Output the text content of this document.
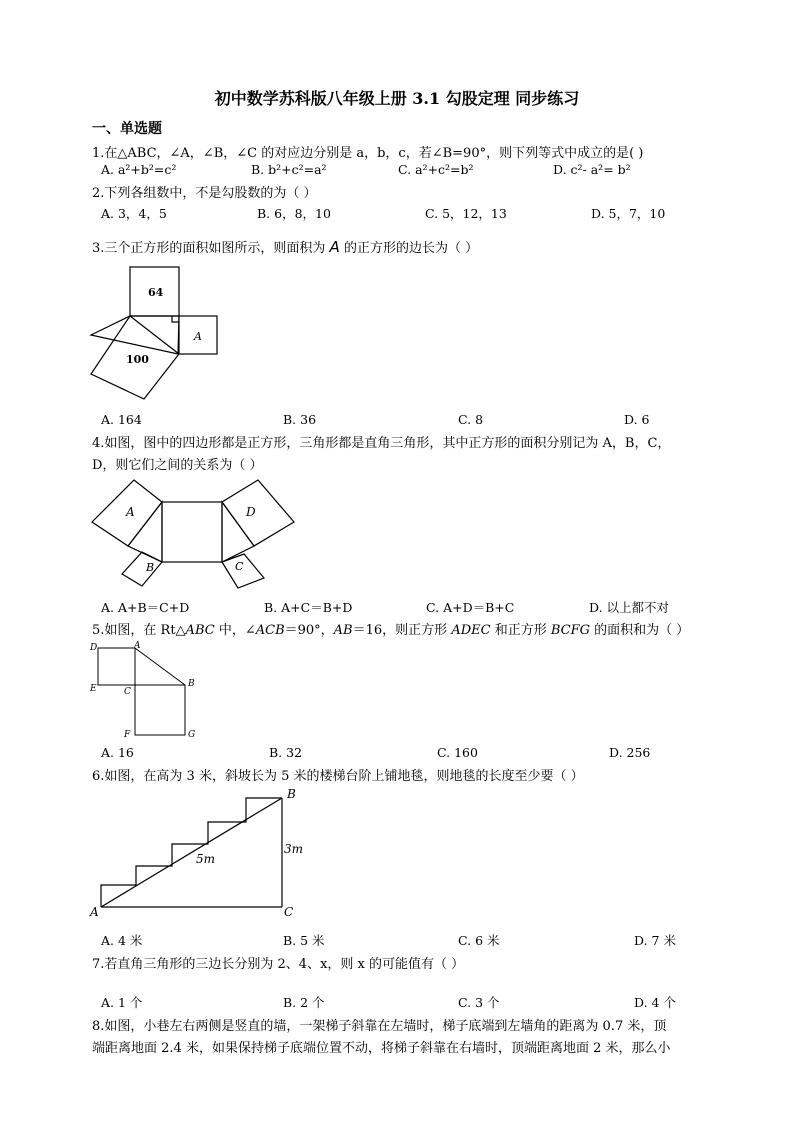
初中数学苏科版八年级上册 3.1 勾股定理 同步练习
一、单选题
1.在△ABC，∠A，∠B，∠C 的对应边分别是 a，b，c，若∠B=90°，则下列等式中成立的是( )
A. a²+b²=c²	B. b²+c²=a²	C. a²+c²=b²	D. c²- a²= b²
2.下列各组数中，不是勾股数的为（ ）
A. 3，4，5	B. 6，8，10	C. 5，12，13	D. 5，7，10
3.三个正方形的面积如图所示，则面积为 A 的正方形的边长为（ ）
64
100
A
A. 164	B. 36	C. 8	D. 6
4.如图，图中的四边形都是正方形，三角形都是直角三角形，其中正方形的面积分别记为 A，B，C，
D，则它们之间的关系为（ ）
A
B	C
D
A. A+B＝C+D	B. A+C＝B+D	C. A+D＝B+C	D. 以上都不对
5.如图，在 Rt△ABC 中，∠ACB＝90°，AB＝16，则正方形 ADEC 和正方形 BCFG 的面积和为（ ）
D	A
E	C
B
F	G
A. 16	B. 32	C. 160	D. 256
6.如图，在高为 3 米，斜坡长为 5 米的楼梯台阶上铺地毯，则地毯的长度至少要（ ）
B
3m
5m
A	C
A. 4 米	B. 5 米	C. 6 米	D. 7 米
7.若直角三角形的三边长分别为 2、4、x，则 x 的可能值有（ ）
A. 1 个	B. 2 个	C. 3 个	D. 4 个
8.如图，小巷左右两侧是竖直的墙，一架梯子斜靠在左墙时，梯子底端到左墙角的距离为 0.7 米，顶
端距离地面 2.4 米，如果保持梯子底端位置不动，将梯子斜靠在右墙时，顶端距离地面 2 米，那么小
